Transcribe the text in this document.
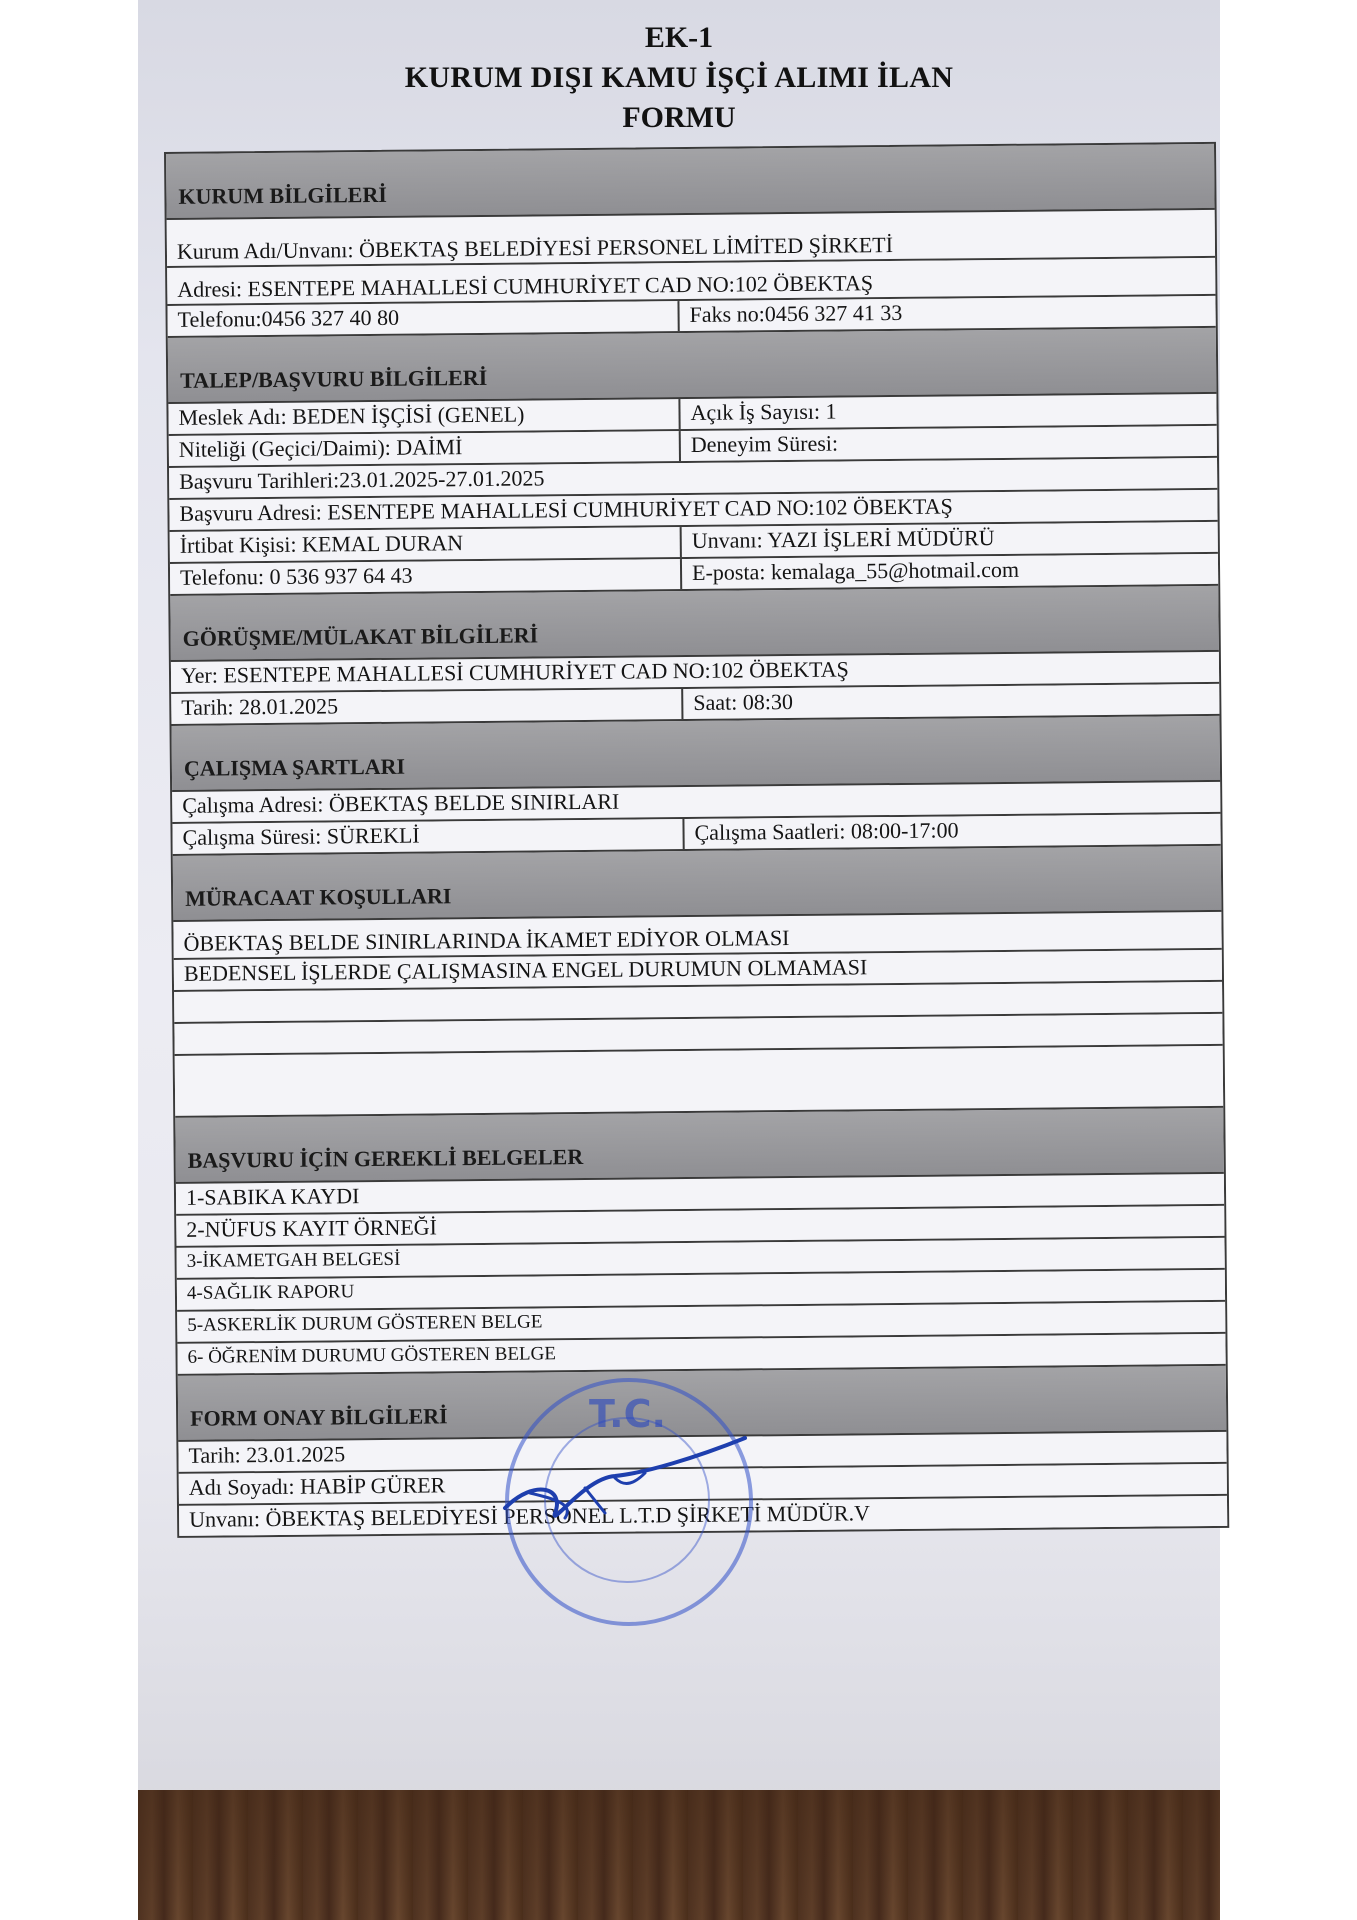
EK-1
KURUM DIŞI KAMU İŞÇİ ALIMI İLAN
FORMU
KURUM BİLGİLERİ
Kurum Adı/Unvanı: ÖBEKTAŞ BELEDİYESİ PERSONEL LİMİTED ŞİRKETİ
Adresi: ESENTEPE MAHALLESİ CUMHURİYET CAD NO:102 ÖBEKTAŞ
Telefonu:0456 327 40 80	Faks no:0456 327 41 33
TALEP/BAŞVURU BİLGİLERİ
Meslek Adı: BEDEN İŞÇİSİ (GENEL)	Açık İş Sayısı: 1
Niteliği (Geçici/Daimi): DAİMİ	Deneyim Süresi:
Başvuru Tarihleri:23.01.2025-27.01.2025
Başvuru Adresi: ESENTEPE MAHALLESİ CUMHURİYET CAD NO:102 ÖBEKTAŞ
İrtibat Kişisi: KEMAL DURAN	Unvanı: YAZI İŞLERİ MÜDÜRÜ
Telefonu: 0 536 937 64 43	E-posta: kemalaga_55@hotmail.com
GÖRÜŞME/MÜLAKAT BİLGİLERİ
Yer: ESENTEPE MAHALLESİ CUMHURİYET CAD NO:102 ÖBEKTAŞ
Tarih: 28.01.2025	Saat: 08:30
ÇALIŞMA ŞARTLARI
Çalışma Adresi: ÖBEKTAŞ BELDE SINIRLARI
Çalışma Süresi: SÜREKLİ	Çalışma Saatleri: 08:00-17:00
MÜRACAAT KOŞULLARI
ÖBEKTAŞ BELDE SINIRLARINDA İKAMET EDİYOR OLMASI
BEDENSEL İŞLERDE ÇALIŞMASINA ENGEL DURUMUN OLMAMASI
BAŞVURU İÇİN GEREKLİ BELGELER
1-SABIKA KAYDI
2-NÜFUS KAYIT ÖRNEĞİ
3-İKAMETGAH BELGESİ
4-SAĞLIK RAPORU
5-ASKERLİK DURUM GÖSTEREN BELGE
6- ÖĞRENİM DURUMU GÖSTEREN BELGE
FORM ONAY BİLGİLERİ
Tarih: 23.01.2025
Adı Soyadı: HABİP GÜRER
Unvanı: ÖBEKTAŞ BELEDİYESİ PERSONEL L.T.D ŞİRKETİ MÜDÜR.V
T.C.
